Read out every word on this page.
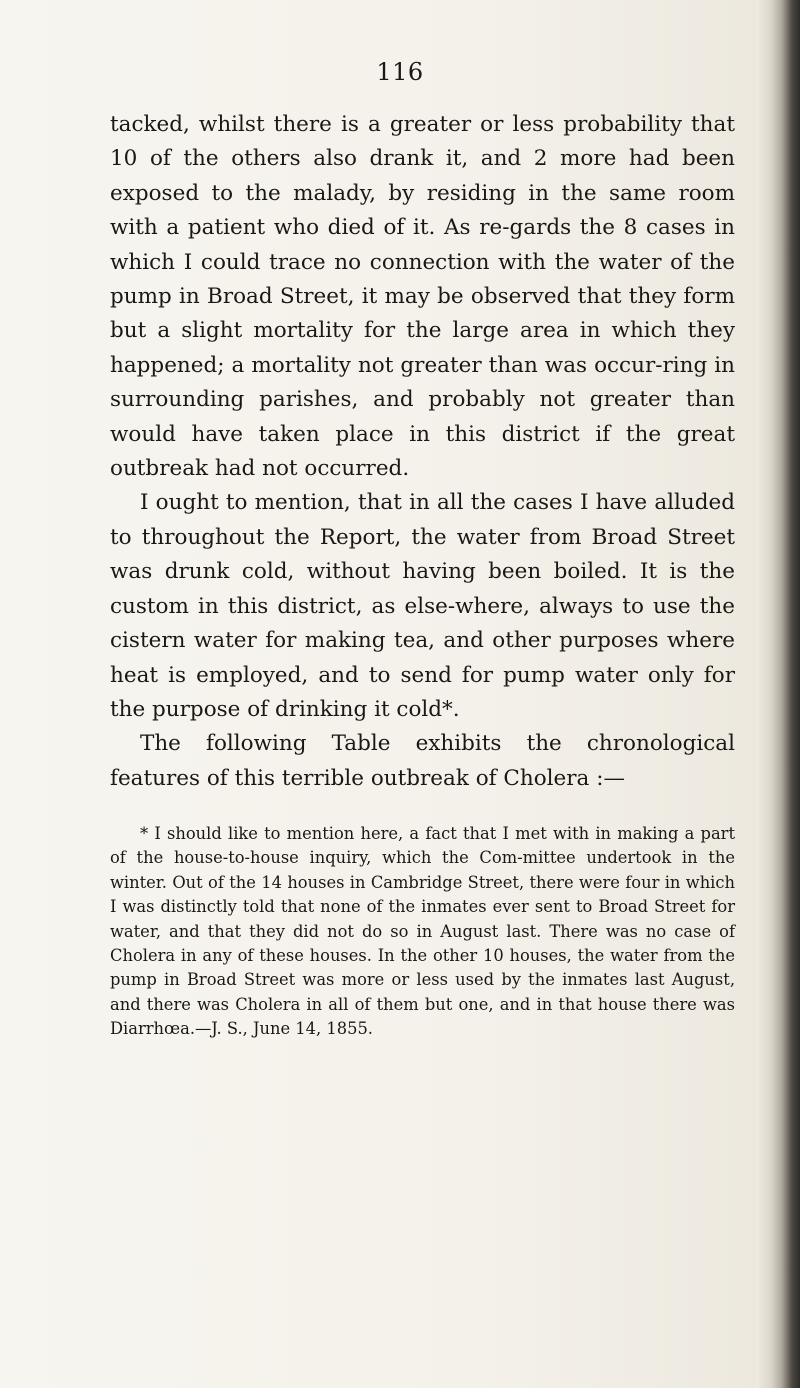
116

tacked, whilst there is a greater or less probability that 10 of the others also drank it, and 2 more had been exposed to the malady, by residing in the same room with a patient who died of it. As re-gards the 8 cases in which I could trace no connection with the water of the pump in Broad Street, it may be observed that they form but a slight mortality for the large area in which they happened; a mortality not greater than was occur-ring in surrounding parishes, and probably not greater than would have taken place in this district if the great outbreak had not occurred.

I ought to mention, that in all the cases I have alluded to throughout the Report, the water from Broad Street was drunk cold, without having been boiled. It is the custom in this district, as else-where, always to use the cistern water for making tea, and other purposes where heat is employed, and to send for pump water only for the purpose of drinking it cold*.

The following Table exhibits the chronological features of this terrible outbreak of Cholera :—

* I should like to mention here, a fact that I met with in making a part of the house-to-house inquiry, which the Com-mittee undertook in the winter. Out of the 14 houses in Cambridge Street, there were four in which I was distinctly told that none of the inmates ever sent to Broad Street for water, and that they did not do so in August last. There was no case of Cholera in any of these houses. In the other 10 houses, the water from the pump in Broad Street was more or less used by the inmates last August, and there was Cholera in all of them but one, and in that house there was Diarrhœa.—J. S., June 14, 1855.
